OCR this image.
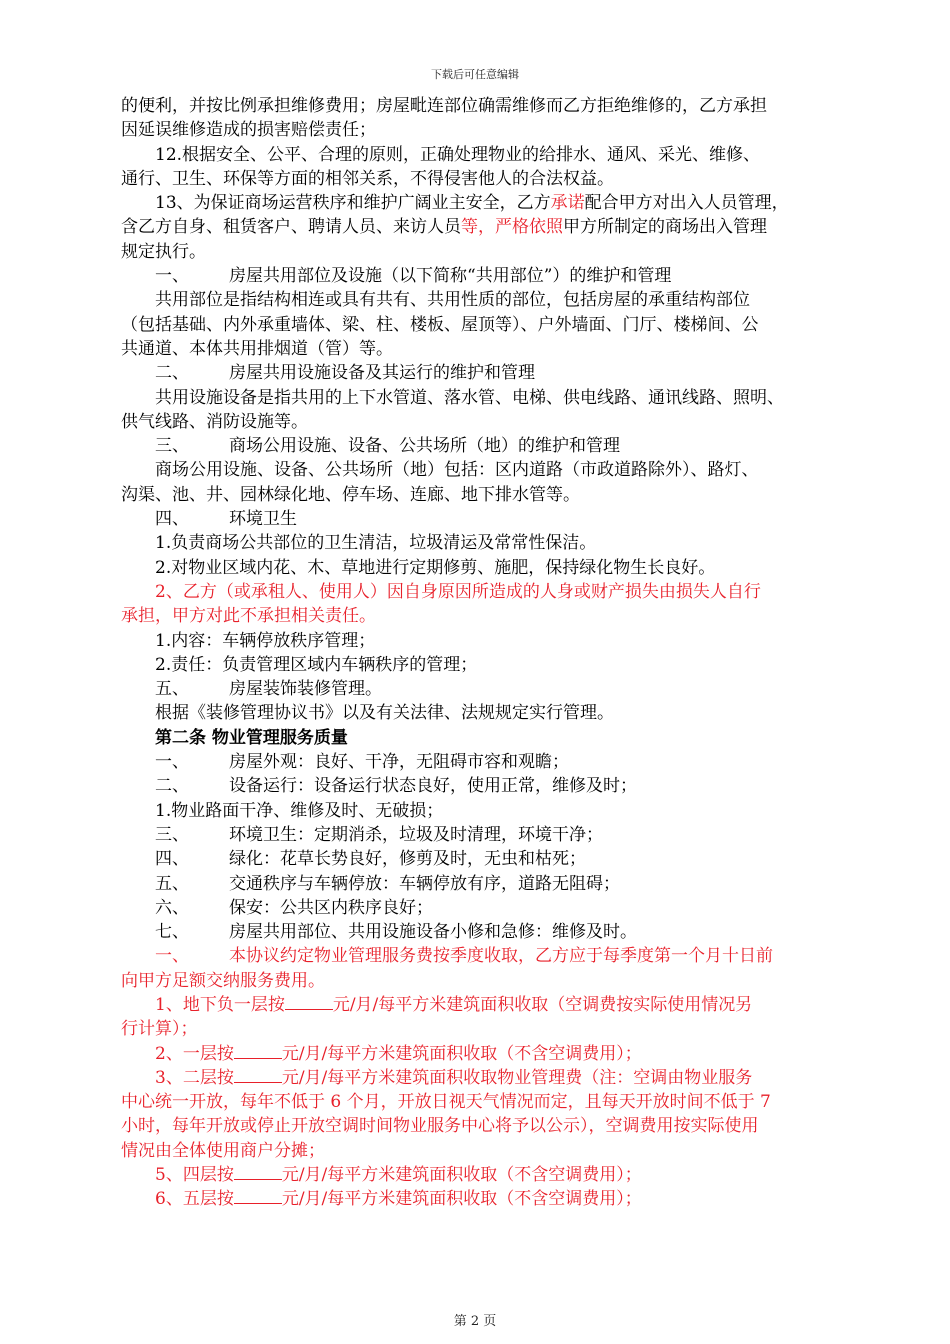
下载后可任意编辑
的便利，并按比例承担维修费用；房屋毗连部位确需维修而乙方拒绝维修的，乙方承担
因延误维修造成的损害赔偿责任；
12.根据安全、公平、合理的原则，正确处理物业的给排水、通风、采光、维修、
通行、卫生、环保等方面的相邻关系，不得侵害他人的合法权益。
13、为保证商场运营秩序和维护广阔业主安全，乙方承诺配合甲方对出入人员管理，
含乙方自身、租赁客户、聘请人员、来访人员等，严格依照甲方所制定的商场出入管理
规定执行。
一、 房屋共用部位及设施（以下简称“共用部位”）的维护和管理
共用部位是指结构相连或具有共有、共用性质的部位，包括房屋的承重结构部位
（包括基础、内外承重墙体、梁、柱、楼板、屋顶等）、户外墙面、门厅、楼梯间、公
共通道、本体共用排烟道（管）等。
二、 房屋共用设施设备及其运行的维护和管理
共用设施设备是指共用的上下水管道、落水管、电梯、供电线路、通讯线路、照明、
供气线路、消防设施等。
三、 商场公用设施、设备、公共场所（地）的维护和管理
商场公用设施、设备、公共场所（地）包括：区内道路（市政道路除外）、路灯、
沟渠、池、井、园林绿化地、停车场、连廊、地下排水管等。
四、 环境卫生
1.负责商场公共部位的卫生清洁，垃圾清运及常常性保洁。
2.对物业区域内花、木、草地进行定期修剪、施肥，保持绿化物生长良好。
2、乙方（或承租人、使用人）因自身原因所造成的人身或财产损失由损失人自行
承担，甲方对此不承担相关责任。
1.内容：车辆停放秩序管理；
2.责任：负责管理区域内车辆秩序的管理；
五、 房屋装饰装修管理。
根据《装修管理协议书》以及有关法律、法规规定实行管理。
第二条 物业管理服务质量
一、 房屋外观：良好、干净，无阻碍市容和观瞻；
二、 设备运行：设备运行状态良好，使用正常，维修及时；
1.物业路面干净、维修及时、无破损；
三、 环境卫生：定期消杀，垃圾及时清理，环境干净；
四、 绿化：花草长势良好，修剪及时，无虫和枯死；
五、 交通秩序与车辆停放：车辆停放有序，道路无阻碍；
六、 保安：公共区内秩序良好；
七、 房屋共用部位、共用设施设备小修和急修：维修及时。
一、 本协议约定物业管理服务费按季度收取，乙方应于每季度第一个月十日前
向甲方足额交纳服务费用。
1、地下负一层按	元/月/每平方米建筑面积收取（空调费按实际使用情况另
行计算）；
2、一层按	元/月/每平方米建筑面积收取（不含空调费用）；
3、二层按	元/月/每平方米建筑面积收取物业管理费（注：空调由物业服务
中心统一开放，每年不低于 6 个月，开放日视天气情况而定，且每天开放时间不低于 7
小时，每年开放或停止开放空调时间物业服务中心将予以公示），空调费用按实际使用
情况由全体使用商户分摊；
5、四层按	元/月/每平方米建筑面积收取（不含空调费用）；
6、五层按	元/月/每平方米建筑面积收取（不含空调费用）；
第 2 页
